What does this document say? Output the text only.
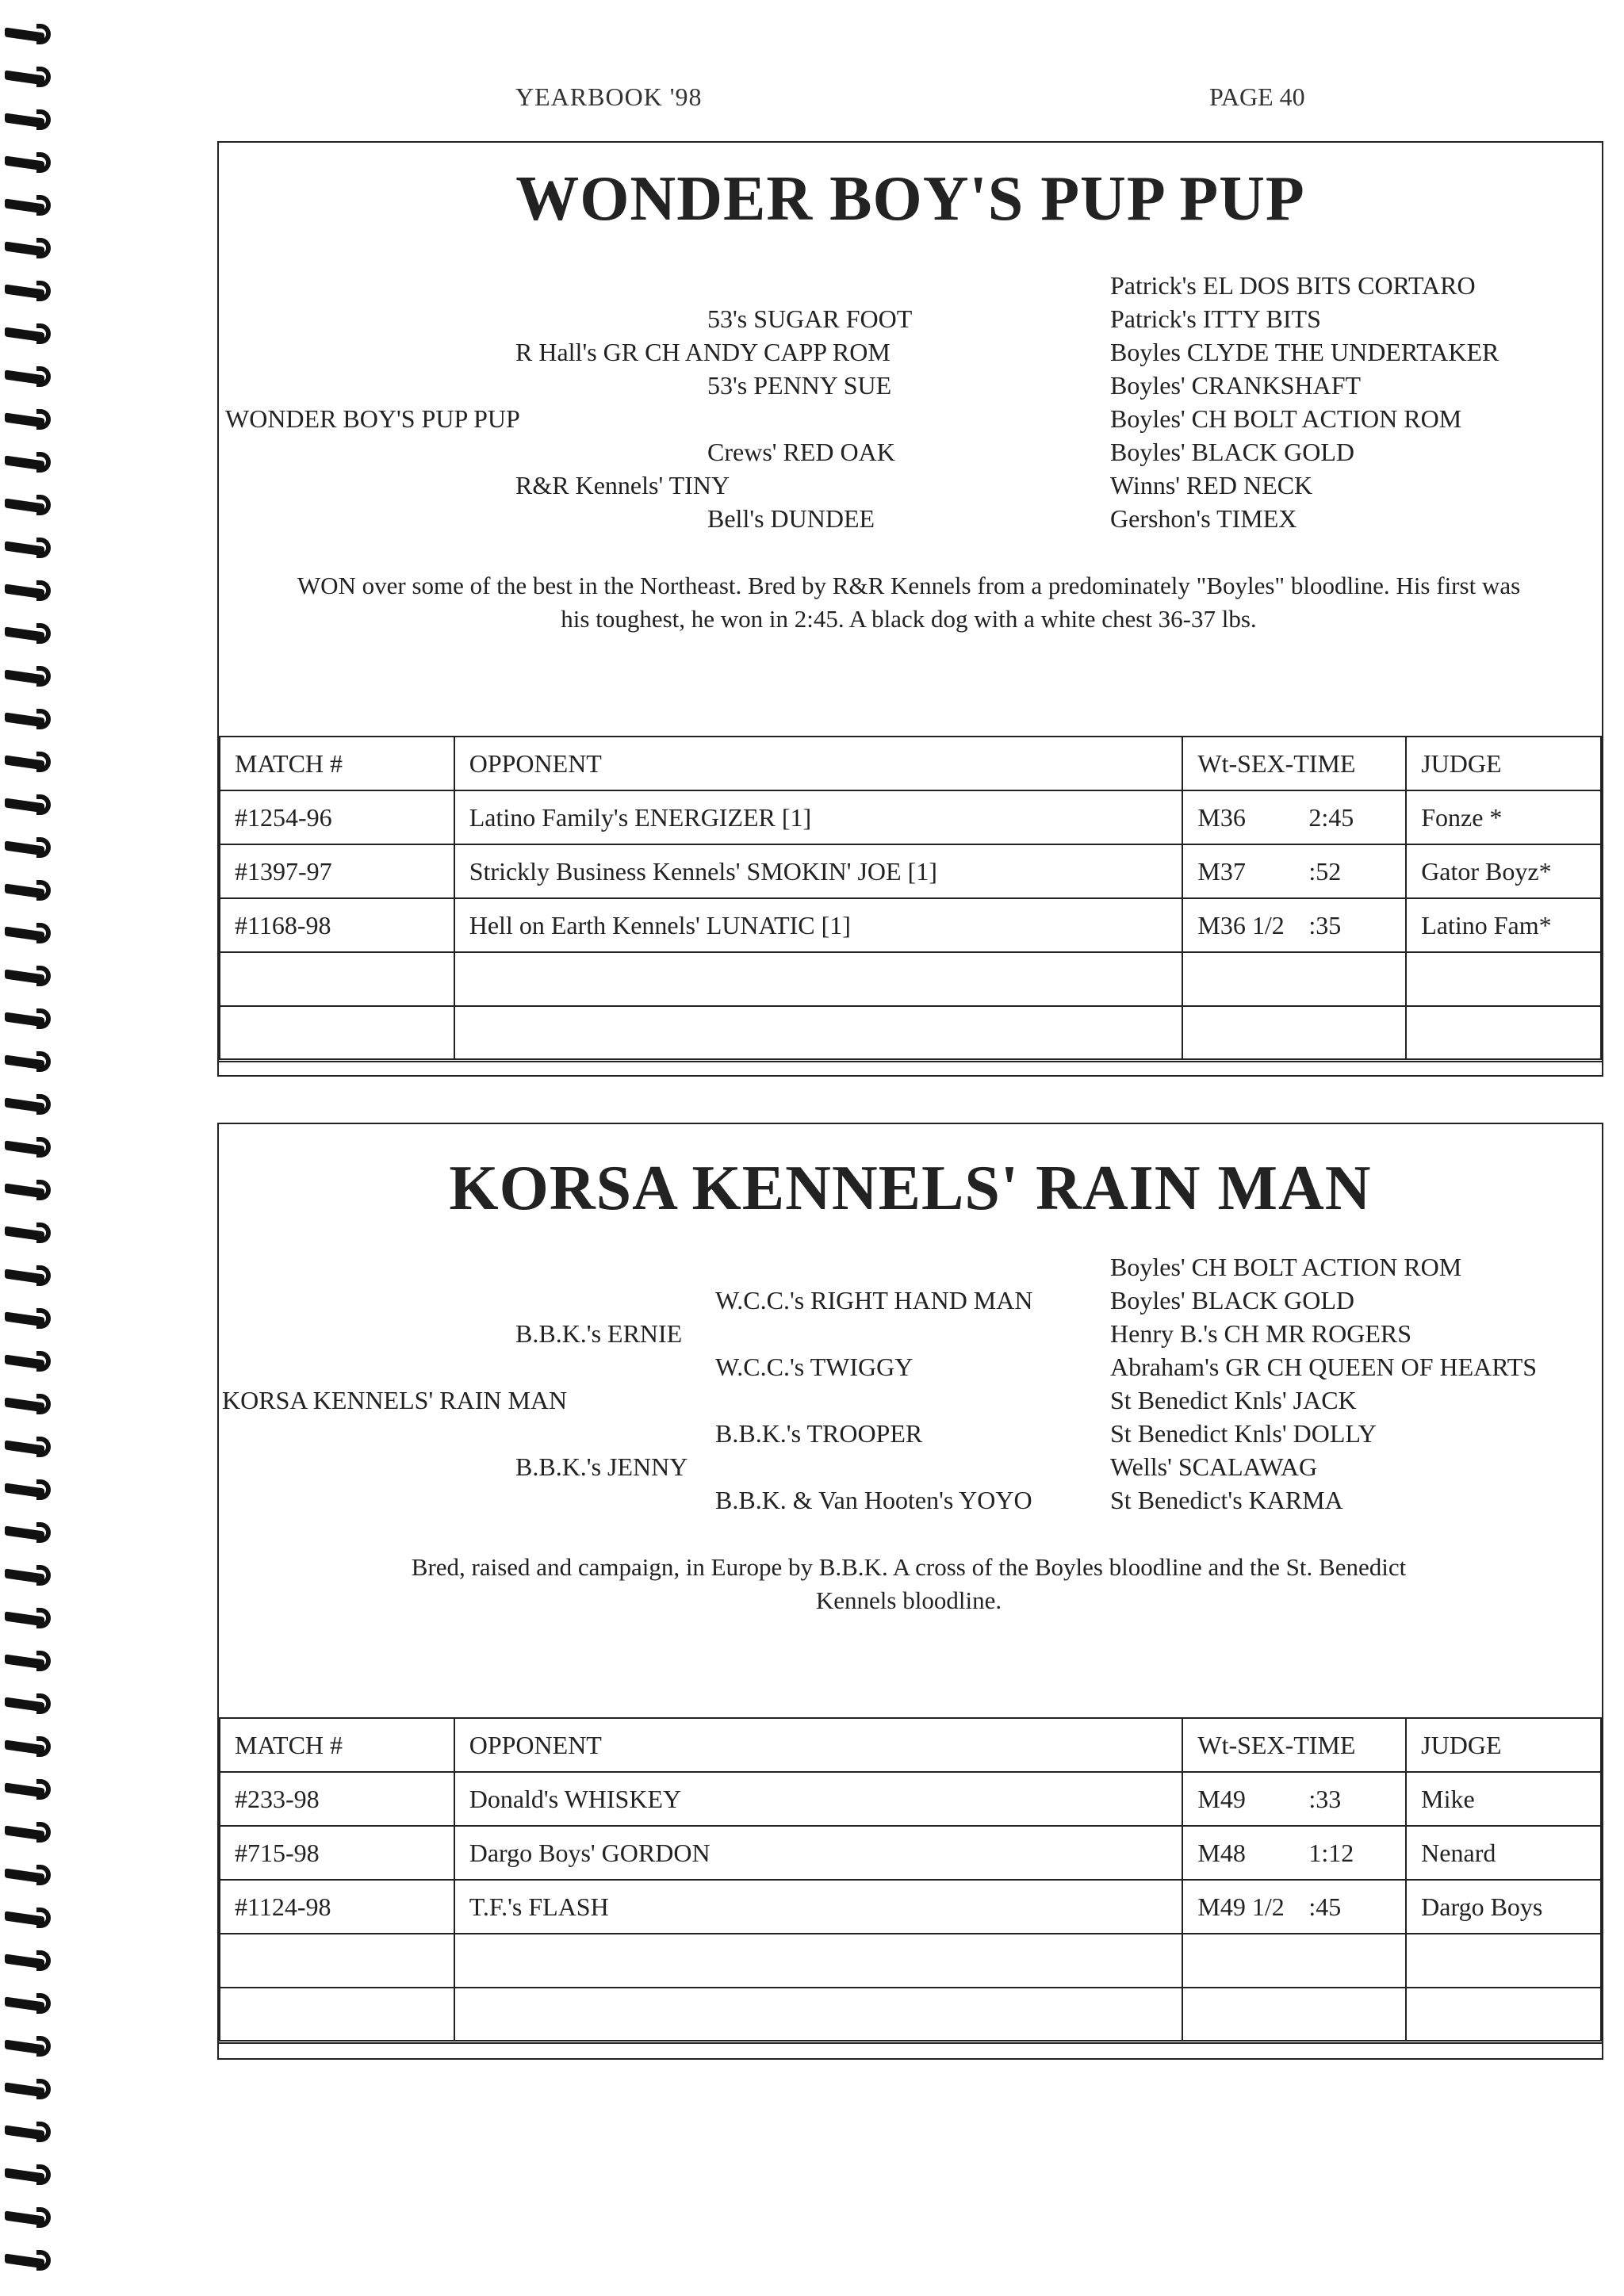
YEARBOOK '98	PAGE 40
WONDER BOY'S PUP PUP
Patrick's EL DOS BITS CORTARO
53's SUGAR FOOT	Patrick's ITTY BITS
R Hall's GR CH ANDY CAPP ROM	Boyles CLYDE THE UNDERTAKER
53's PENNY SUE	Boyles' CRANKSHAFT
WONDER BOY'S PUP PUP	Boyles' CH BOLT ACTION ROM
Crews' RED OAK	Boyles' BLACK GOLD
R&R Kennels' TINY	Winns' RED NECK
Bell's DUNDEE	Gershon's TIMEX
WON over some of the best in the Northeast. Bred by R&R Kennels from a predominately "Boyles" bloodline. His first was his toughest, he won in 2:45. A black dog with a white chest 36-37 lbs.
MATCH #	OPPONENT	Wt-SEX-TIME	JUDGE
#1254-96	Latino Family's ENERGIZER [1]	M36 2:45	Fonze *
#1397-97	Strickly Business Kennels' SMOKIN' JOE [1]	M37 :52	Gator Boyz*
#1168-98	Hell on Earth Kennels' LUNATIC [1]	M36 1/2 :35	Latino Fam*

KORSA KENNELS' RAIN MAN
Boyles' CH BOLT ACTION ROM
W.C.C.'s RIGHT HAND MAN	Boyles' BLACK GOLD
B.B.K.'s ERNIE	Henry B.'s CH MR ROGERS
W.C.C.'s TWIGGY	Abraham's GR CH QUEEN OF HEARTS
KORSA KENNELS' RAIN MAN	St Benedict Knls' JACK
B.B.K.'s TROOPER	St Benedict Knls' DOLLY
B.B.K.'s JENNY	Wells' SCALAWAG
B.B.K. & Van Hooten's YOYO	St Benedict's KARMA
Bred, raised and campaign, in Europe by B.B.K. A cross of the Boyles bloodline and the St. Benedict Kennels bloodline.
MATCH #	OPPONENT	Wt-SEX-TIME	JUDGE
#233-98	Donald's WHISKEY	M49 :33	Mike
#715-98	Dargo Boys' GORDON	M48 1:12	Nenard
#1124-98	T.F.'s FLASH	M49 1/2 :45	Dargo Boys
